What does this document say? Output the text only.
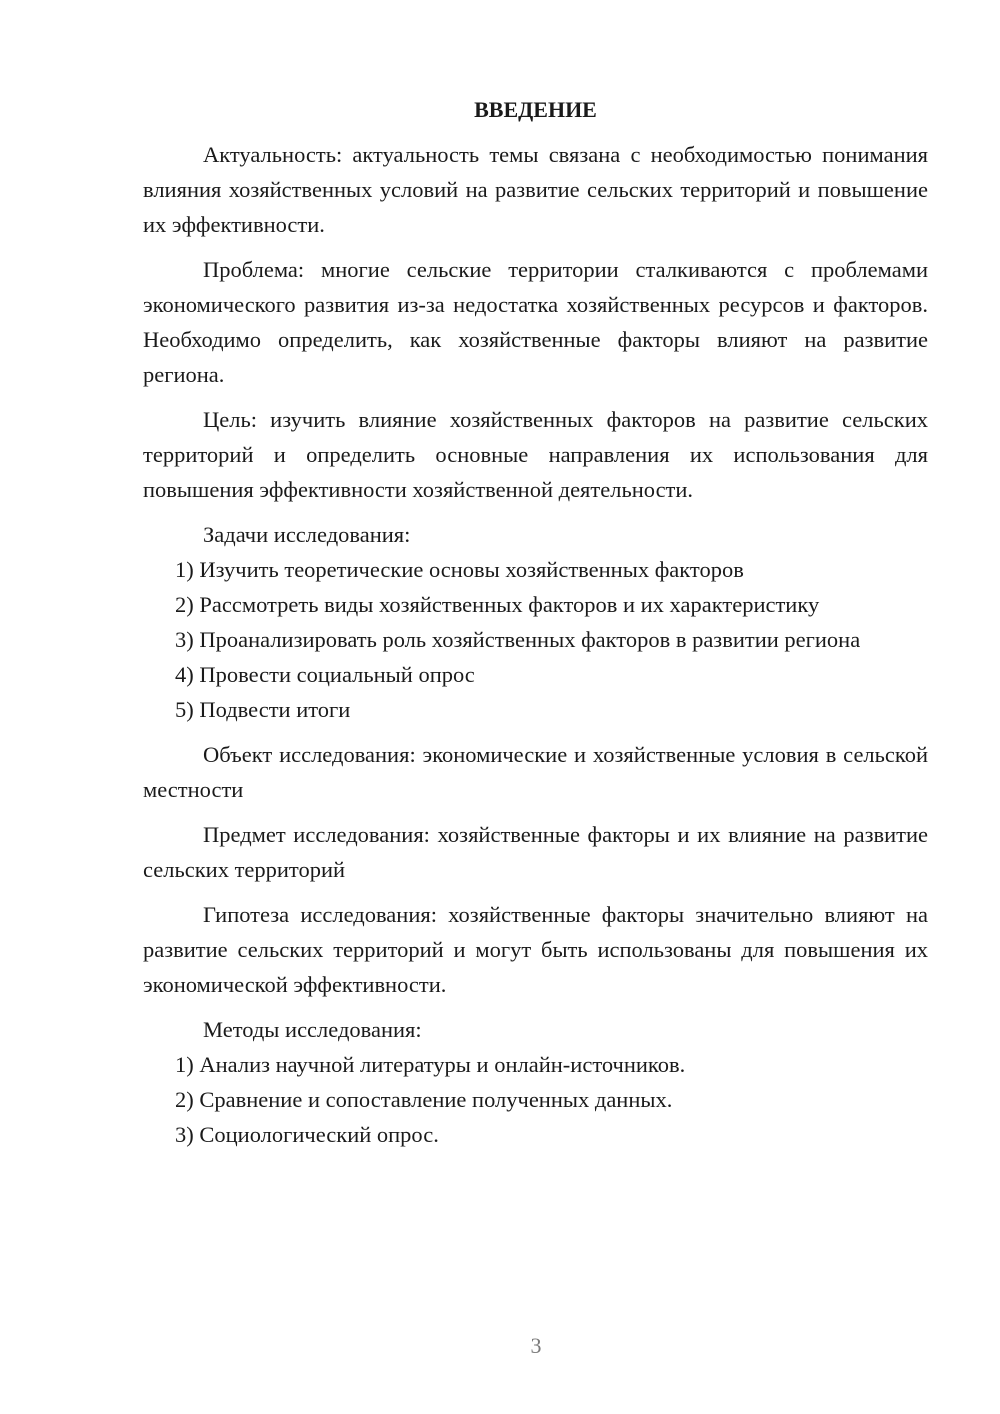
ВВЕДЕНИЕ

Актуальность: актуальность темы связана с необходимостью понимания влияния хозяйственных условий на развитие сельских территорий и повышение их эффективности.

Проблема: многие сельские территории сталкиваются с проблемами экономического развития из-за недостатка хозяйственных ресурсов и факторов. Необходимо определить, как хозяйственные факторы влияют на развитие региона.

Цель: изучить влияние хозяйственных факторов на развитие сельских территорий и определить основные направления их использования для повышения эффективности хозяйственной деятельности.

Задачи исследования:

1) Изучить теоретические основы хозяйственных факторов

2) Рассмотреть виды хозяйственных факторов и их характеристику

3) Проанализировать роль хозяйственных факторов в развитии региона

4) Провести социальный опрос

5) Подвести итоги

Объект исследования: экономические и хозяйственные условия в сельской местности

Предмет исследования: хозяйственные факторы и их влияние на развитие сельских территорий

Гипотеза исследования: хозяйственные факторы значительно влияют на развитие сельских территорий и могут быть использованы для повышения их экономической эффективности.

Методы исследования:

1) Анализ научной литературы и онлайн-источников.

2) Сравнение и сопоставление полученных данных.

3) Социологический опрос.

3
